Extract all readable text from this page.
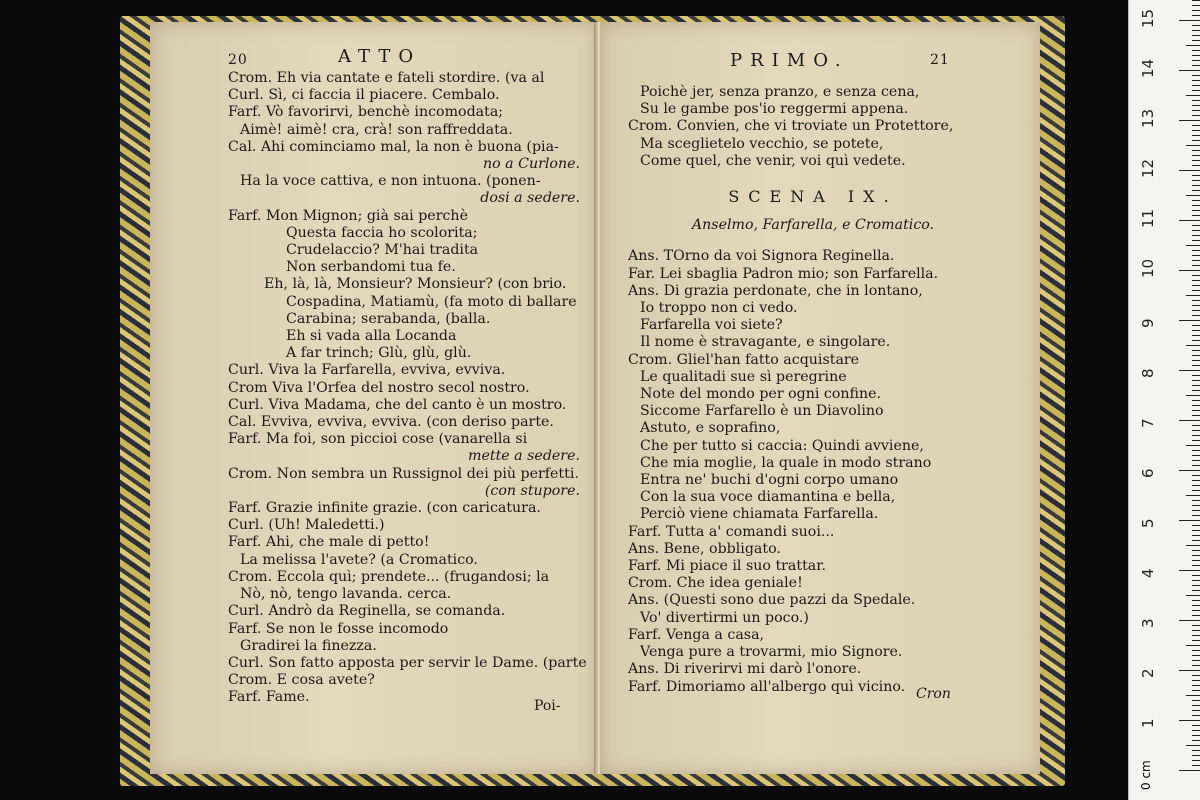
20	ATTO
Crom. Eh via cantate e fateli stordire. (va al
Curl. Sì, ci faccia il piacere. Cembalo.
Farf. Vò favorirvi, benchè incomodata;
Aimè! aimè! cra, crà! son raffreddata.
Cal. Ahi cominciamo mal, la non è buona (pia-
no a Curlone.
Ha la voce cattiva, e non intuona. (ponen-
dosi a sedere.
Farf. Mon Mignon; già sai perchè
Questa faccia ho scolorita;
Crudelaccio? M'hai tradita
Non serbandomi tua fe.
Eh, là, là, Monsieur? Monsieur? (con brio.
Cospadina, Matiamù, (fa moto di ballare
Carabina; serabanda, (balla.
Eh si vada alla Locanda
A far trinch; Glù, glù, glù.
Curl. Viva la Farfarella, evviva, evviva.
Crom Viva l'Orfea del nostro secol nostro.
Curl. Viva Madama, che del canto è un mostro.
Cal. Evviva, evviva, evviva. (con deriso parte.
Farf. Ma foi, son piccioi cose (vanarella si
mette a sedere.
Crom. Non sembra un Russignol dei più perfetti.
(con stupore.
Farf. Grazie infinite grazie. (con caricatura.
Curl. (Uh! Maledetti.)
Farf. Ahi, che male di petto!
La melissa l'avete? (a Cromatico.
Crom. Eccola quì; prendete... (frugandosi; la
Nò, nò, tengo lavanda. cerca.
Curl. Andrò da Reginella, se comanda.
Farf. Se non le fosse incomodo
Gradirei la finezza.
Curl. Son fatto apposta per servir le Dame. (parte
Crom. E cosa avete?
Farf. Fame.
Poi-
PRIMO.	21
Poichè jer, senza pranzo, e senza cena,
Su le gambe pos'io reggermi appena.
Crom. Convien, che vi troviate un Protettore,
Ma sceglietelo vecchio, se potete,
Come quel, che venir, voi quì vedete.
SCENA IX.
Anselmo, Farfarella, e Cromatico.
Ans. TOrno da voi Signora Reginella.
Far. Lei sbaglia Padron mio; son Farfarella.
Ans. Di grazia perdonate, che in lontano,
Io troppo non ci vedo.
Farfarella voi siete?
Il nome è stravagante, e singolare.
Crom. Gliel'han fatto acquistare
Le qualitadi sue sì peregrine
Note del mondo per ogni confine.
Siccome Farfarello è un Diavolino
Astuto, e soprafino,
Che per tutto si caccia: Quindi avviene,
Che mia moglie, la quale in modo strano
Entra ne' buchi d'ogni corpo umano
Con la sua voce diamantina e bella,
Perciò viene chiamata Farfarella.
Farf. Tutta a' comandi suoi...
Ans. Bene, obbligato.
Farf. Mi piace il suo trattar.
Crom. Che idea geniale!
Ans. (Questi sono due pazzi da Spedale.
Vo' divertirmi un poco.)
Farf. Venga a casa,
Venga pure a trovarmi, mio Signore.
Ans. Di riverirvi mi darò l'onore.
Farf. Dimoriamo all'albergo quì vicino. Cron
0 cm
1
2
3
4
5
6
7
8
9
10
11
12
13
14
15
